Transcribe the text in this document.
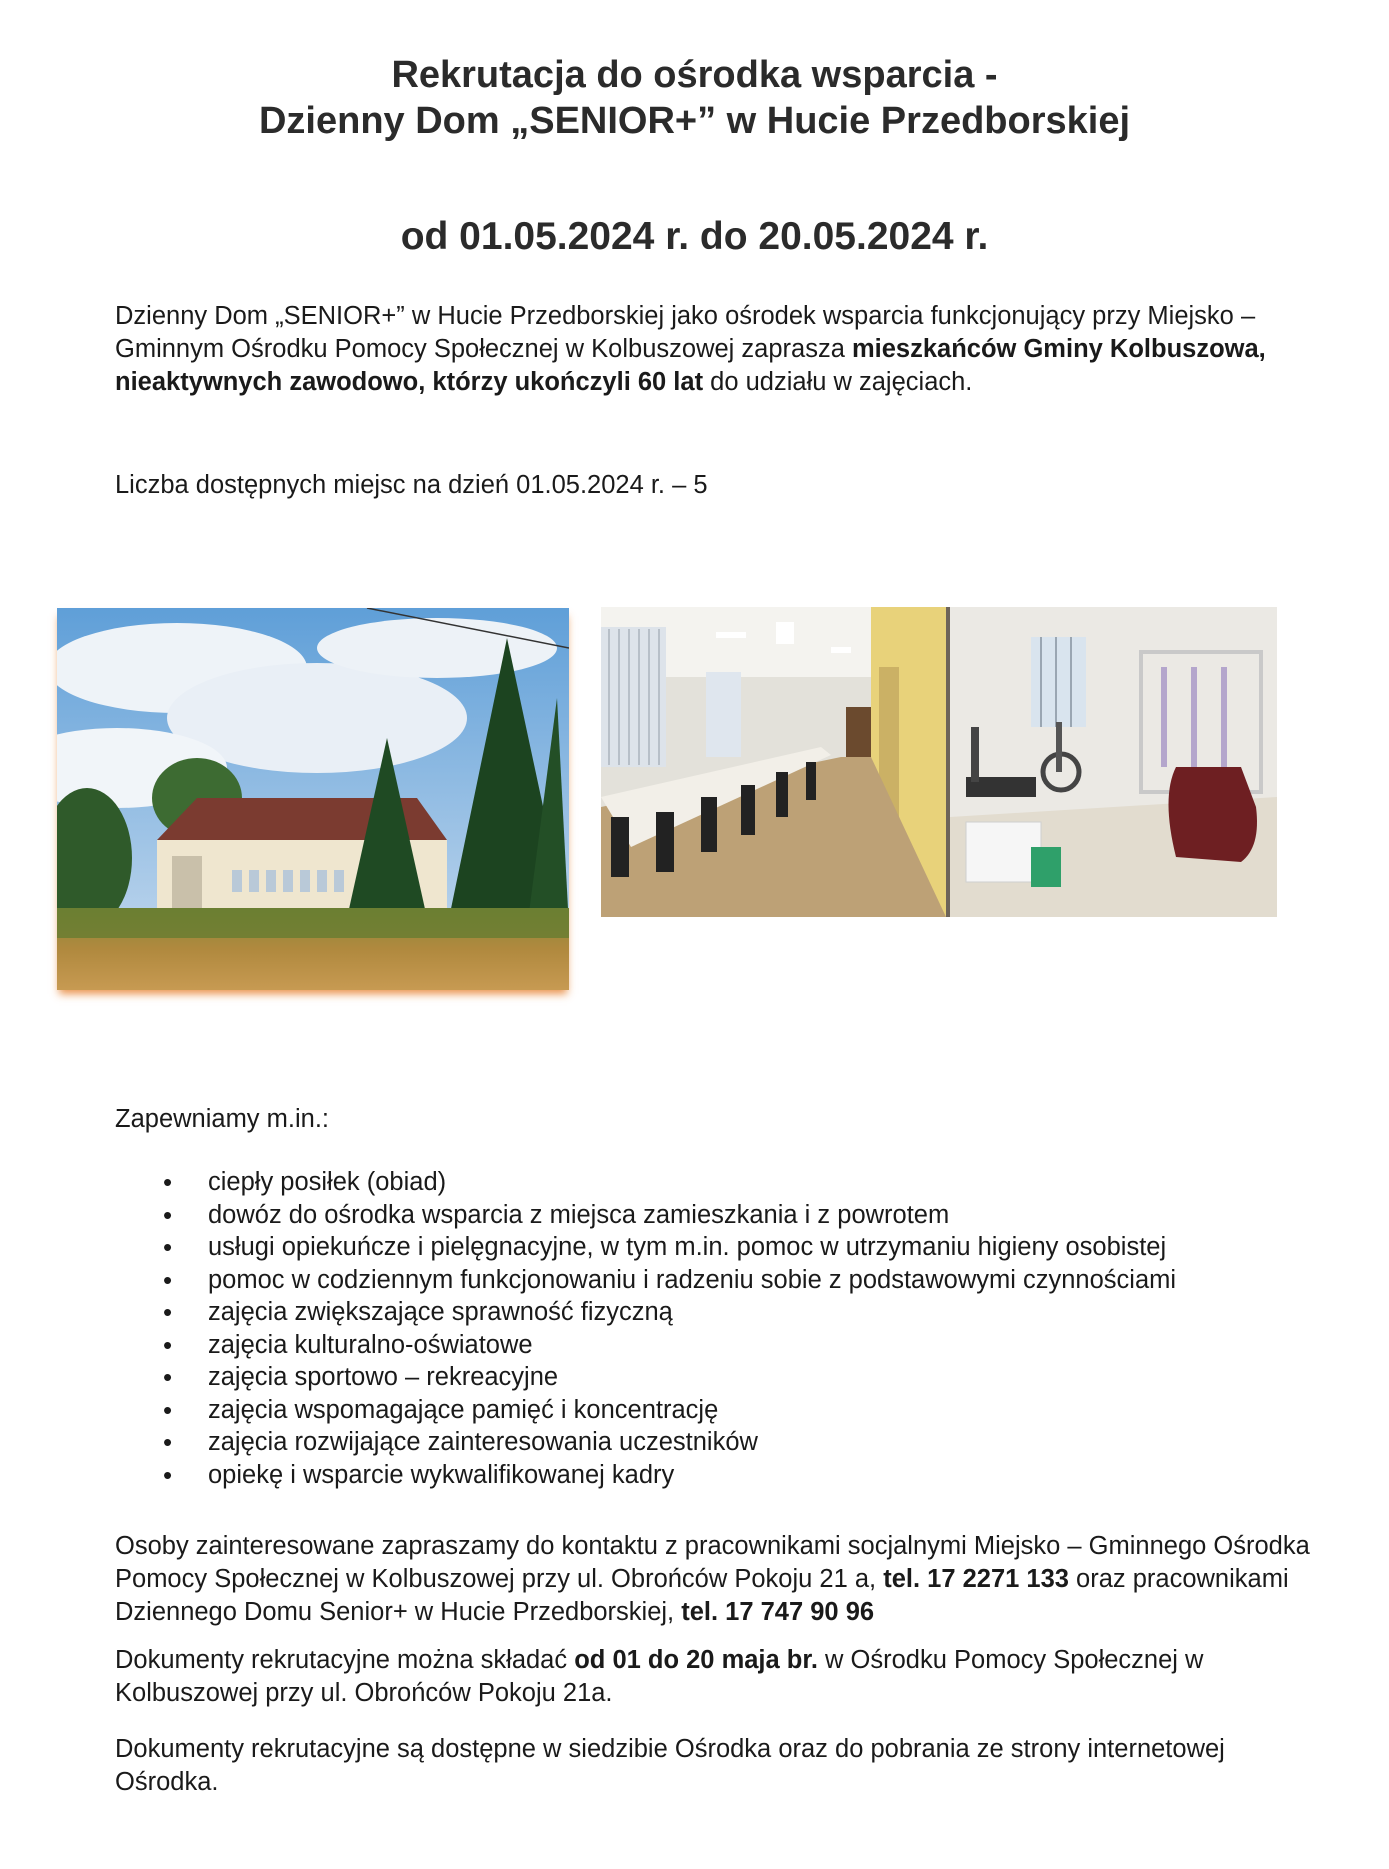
Rekrutacja do ośrodka wsparcia -
Dzienny Dom „SENIOR+” w Hucie Przedborskiej
od 01.05.2024 r. do 20.05.2024 r.
Dzienny Dom „SENIOR+” w Hucie Przedborskiej jako ośrodek wsparcia funkcjonujący przy Miejsko – Gminnym Ośrodku Pomocy Społecznej w Kolbuszowej zaprasza mieszkańców Gminy Kolbuszowa, nieaktywnych zawodowo, którzy ukończyli 60 lat do udziału w zajęciach.
Liczba dostępnych miejsc na dzień 01.05.2024 r. – 5
Zapewniamy m.in.:
• ciepły posiłek (obiad)
• dowóz do ośrodka wsparcia z miejsca zamieszkania i z powrotem
• usługi opiekuńcze i pielęgnacyjne, w tym m.in. pomoc w utrzymaniu higieny osobistej
• pomoc w codziennym funkcjonowaniu i radzeniu sobie z podstawowymi czynnościami
• zajęcia zwiększające sprawność fizyczną
• zajęcia kulturalno-oświatowe
• zajęcia sportowo – rekreacyjne
• zajęcia wspomagające pamięć i koncentrację
• zajęcia rozwijające zainteresowania uczestników
• opiekę i wsparcie wykwalifikowanej kadry
Osoby zainteresowane zapraszamy do kontaktu z pracownikami socjalnymi Miejsko – Gminnego Ośrodka Pomocy Społecznej w Kolbuszowej przy ul. Obrońców Pokoju 21 a, tel. 17 2271 133 oraz pracownikami Dziennego Domu Senior+ w Hucie Przedborskiej, tel. 17 747 90 96
Dokumenty rekrutacyjne można składać od 01 do 20 maja br. w Ośrodku Pomocy Społecznej w Kolbuszowej przy ul. Obrońców Pokoju 21a.
Dokumenty rekrutacyjne są dostępne w siedzibie Ośrodka oraz do pobrania ze strony internetowej Ośrodka.
